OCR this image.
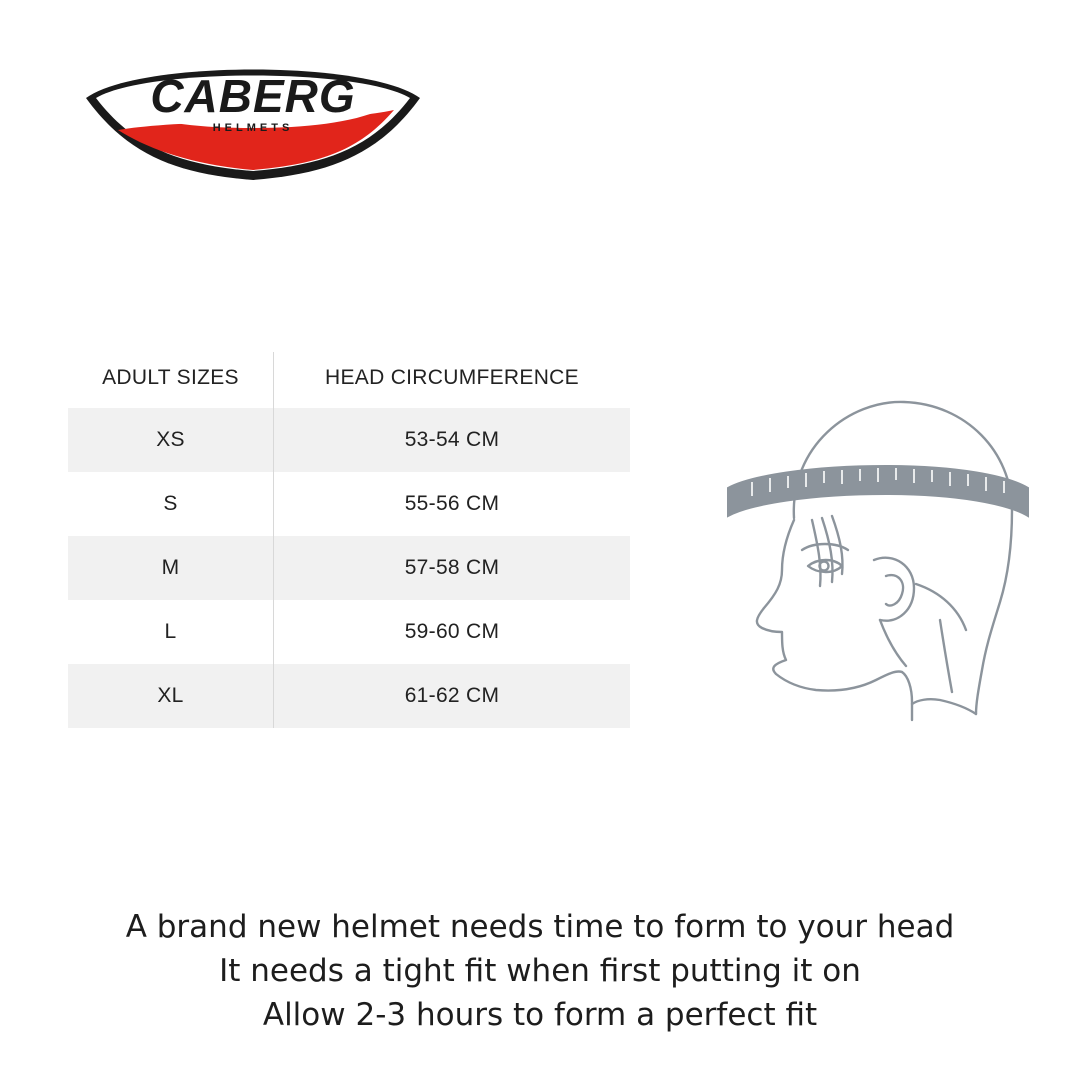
CABERG
HELMETS
ADULT SIZES	HEAD CIRCUMFERENCE
XS	53-54 CM
S	55-56 CM
M	57-58 CM
L	59-60 CM
XL	61-62 CM
A brand new helmet needs time to form to your head
It needs a tight fit when first putting it on
Allow 2-3 hours to form a perfect fit
